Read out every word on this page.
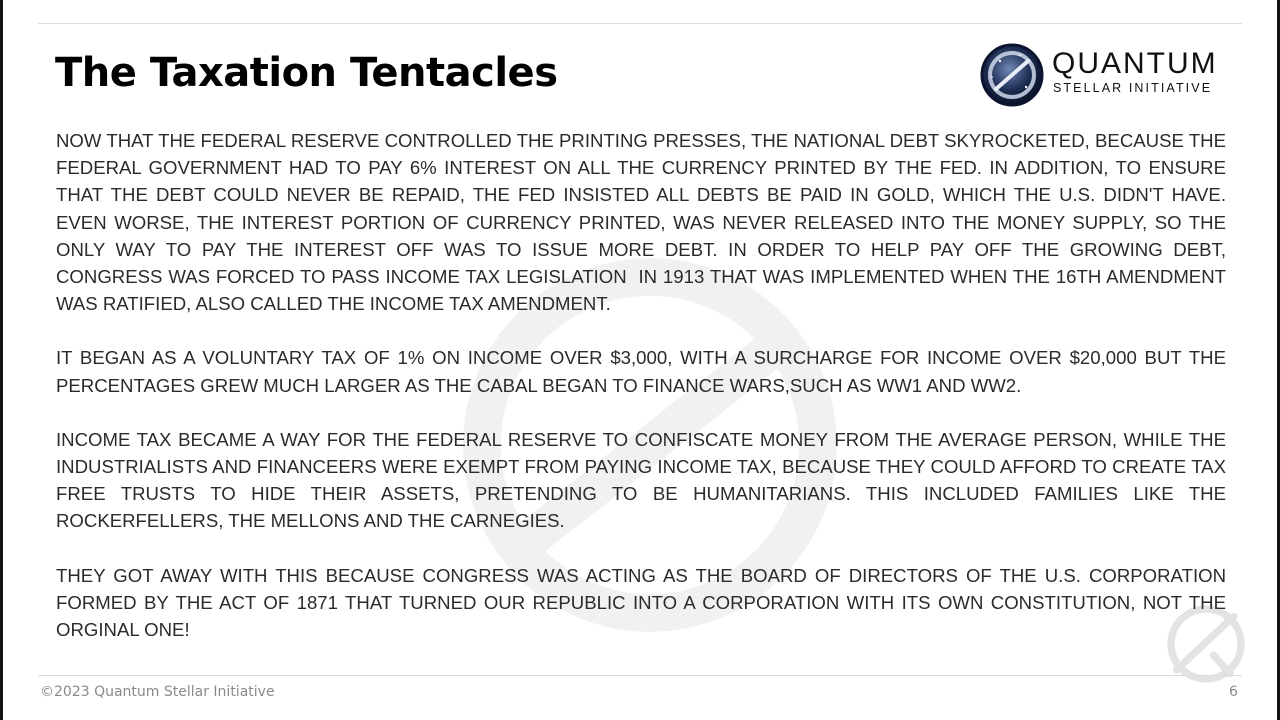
The Taxation Tentacles	QUANTUM
STELLAR INITIATIVE

NOW THAT THE FEDERAL RESERVE CONTROLLED THE PRINTING PRESSES, THE NATIONAL DEBT SKYROCKETED, BECAUSE THE FEDERAL GOVERNMENT HAD TO PAY 6% INTEREST ON ALL THE CURRENCY PRINTED BY THE FED. IN ADDITION, TO ENSURE THAT THE DEBT COULD NEVER BE REPAID, THE FED INSISTED ALL DEBTS BE PAID IN GOLD, WHICH THE U.S. DIDN'T HAVE.  EVEN WORSE, THE INTEREST PORTION OF CURRENCY PRINTED, WAS NEVER RELEASED INTO THE MONEY SUPPLY, SO THE ONLY WAY TO PAY THE INTEREST OFF WAS TO ISSUE MORE DEBT. IN ORDER TO HELP PAY OFF THE GROWING DEBT, CONGRESS WAS FORCED TO PASS INCOME TAX LEGISLATION  IN 1913 THAT WAS IMPLEMENTED WHEN THE 16TH AMENDMENT WAS RATIFIED, ALSO CALLED THE INCOME TAX AMENDMENT.

IT BEGAN AS A VOLUNTARY TAX OF 1% ON INCOME OVER $3,000, WITH A SURCHARGE FOR INCOME OVER $20,000 BUT THE PERCENTAGES GREW MUCH LARGER AS THE CABAL BEGAN TO FINANCE WARS,SUCH AS WW1 AND WW2.

INCOME TAX BECAME A WAY FOR THE FEDERAL RESERVE TO CONFISCATE MONEY FROM THE AVERAGE PERSON, WHILE THE INDUSTRIALISTS AND FINANCEERS WERE EXEMPT FROM PAYING INCOME TAX, BECAUSE THEY COULD AFFORD TO CREATE TAX FREE TRUSTS TO HIDE THEIR ASSETS, PRETENDING TO BE HUMANITARIANS. THIS INCLUDED FAMILIES LIKE THE ROCKERFELLERS, THE MELLONS AND THE CARNEGIES.

THEY GOT AWAY WITH THIS BECAUSE CONGRESS WAS ACTING AS THE BOARD OF DIRECTORS OF THE U.S. CORPORATION FORMED BY THE ACT OF 1871 THAT TURNED OUR REPUBLIC INTO A CORPORATION WITH ITS OWN CONSTITUTION, NOT THE ORGINAL ONE!

©2023 Quantum Stellar Initiative	6
